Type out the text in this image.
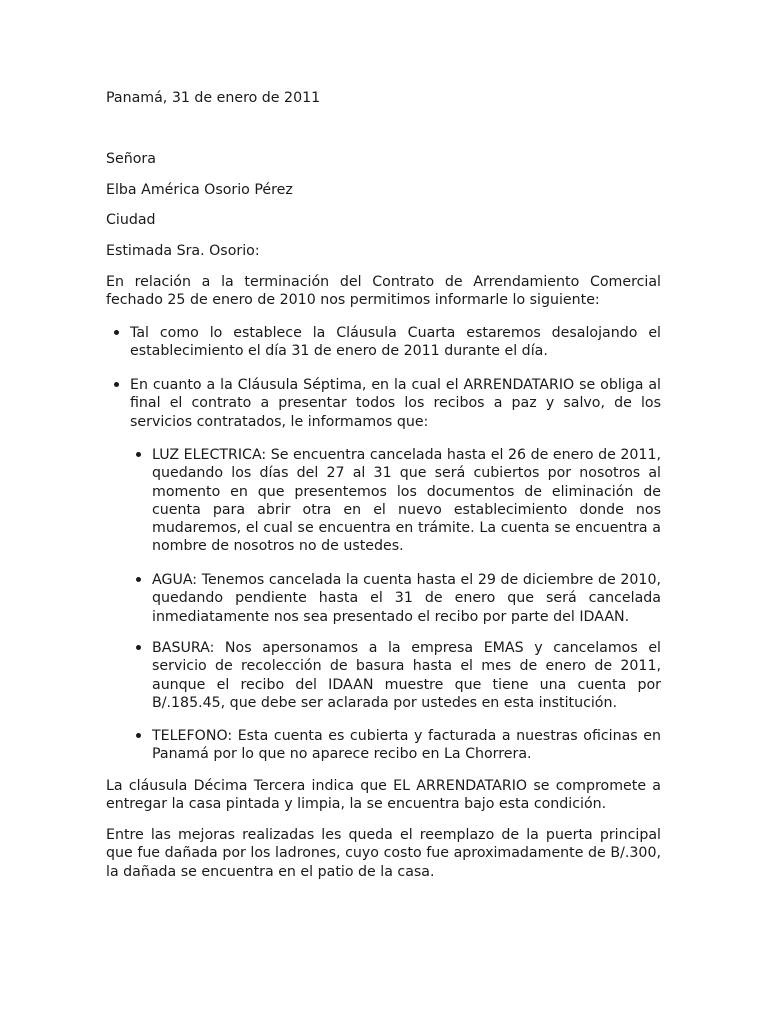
Panamá, 31 de enero de 2011
Señora
Elba América Osorio Pérez
Ciudad
Estimada Sra. Osorio:
En relación a la terminación del Contrato de Arrendamiento Comercial fechado 25 de enero de 2010 nos permitimos informarle lo siguiente:
Tal como lo establece la Cláusula Cuarta estaremos desalojando el establecimiento el día 31 de enero de 2011 durante el día.
En cuanto a la Cláusula Séptima, en la cual el ARRENDATARIO se obliga al final el contrato a presentar todos los recibos a paz y salvo, de los servicios contratados, le informamos que:
LUZ ELECTRICA: Se encuentra cancelada hasta el 26 de enero de 2011, quedando los días del 27 al 31 que será cubiertos por nosotros al momento en que presentemos los documentos de eliminación de cuenta para abrir otra en el nuevo establecimiento donde nos mudaremos, el cual se encuentra en trámite. La cuenta se encuentra a nombre de nosotros no de ustedes.
AGUA: Tenemos cancelada la cuenta hasta el 29 de diciembre de 2010, quedando pendiente hasta el 31 de enero que será cancelada inmediatamente nos sea presentado el recibo por parte del IDAAN.
BASURA: Nos apersonamos a la empresa EMAS y cancelamos el servicio de recolección de basura hasta el mes de enero de 2011, aunque el recibo del IDAAN muestre que tiene una cuenta por B/.185.45, que debe ser aclarada por ustedes en esta institución.
TELEFONO: Esta cuenta es cubierta y facturada a nuestras oficinas en Panamá por lo que no aparece recibo en La Chorrera.
La cláusula Décima Tercera indica que EL ARRENDATARIO se compromete a entregar la casa pintada y limpia, la se encuentra bajo esta condición.
Entre las mejoras realizadas les queda el reemplazo de la puerta principal que fue dañada por los ladrones, cuyo costo fue aproximadamente de B/.300, la dañada se encuentra en el patio de la casa.
